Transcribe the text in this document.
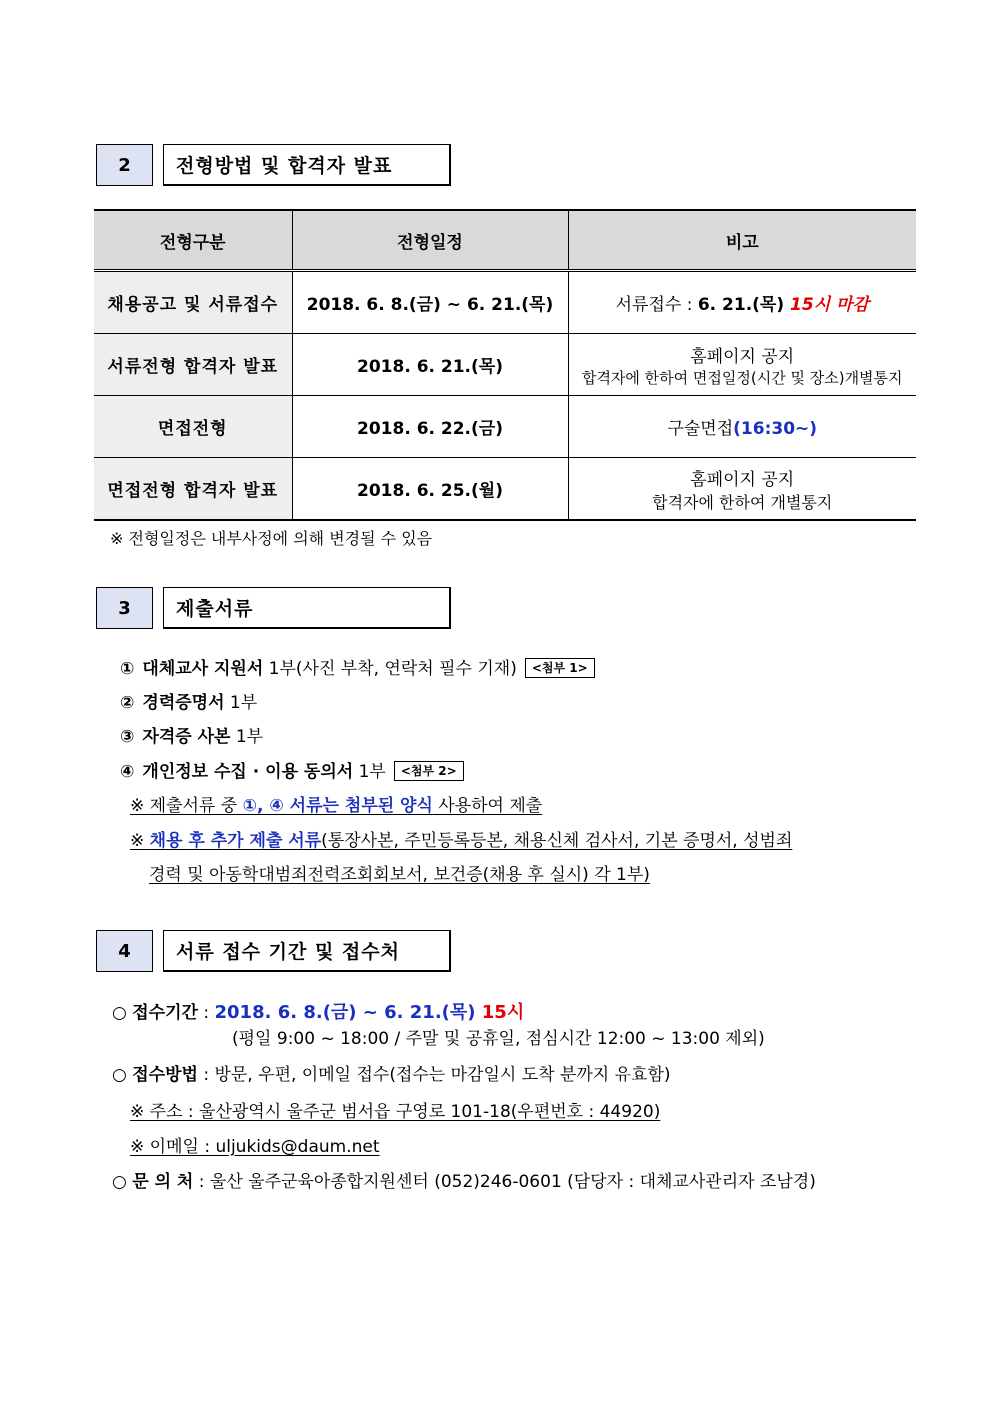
2	전형방법 및 합격자 발표
전형구분	전형일정	비고
채용공고 및 서류접수	2018. 6. 8.(금) ~ 6. 21.(목)	서류접수 : 6. 21.(목) 15시 마감
서류전형 합격자 발표	2018. 6. 21.(목)	홈페이지 공지
합격자에 한하여 면접일정(시간 및 장소)개별통지

면접전형	2018. 6. 22.(금)	구술면접(16:30~)
면접전형 합격자 발표	2018. 6. 25.(월)	홈페이지 공지
합격자에 한하여 개별통지
※ 전형일정은 내부사정에 의해 변경될 수 있음
3	제출서류
① 대체교사 지원서 1부(사진 부착, 연락처 필수 기재) <첨부 1>
② 경력증명서 1부
③ 자격증 사본 1부
④ 개인정보 수집 · 이용 동의서 1부 <첨부 2>
※ 제출서류 중 ①, ④ 서류는 첨부된 양식 사용하여 제출
※ 채용 후 추가 제출 서류(통장사본, 주민등록등본, 채용신체 검사서, 기본 증명서, 성범죄
경력 및 아동학대범죄전력조회회보서, 보건증(채용 후 실시) 각 1부)
4	서류 접수 기간 및 접수처
○ 접수기간 : 2018. 6. 8.(금) ~ 6. 21.(목) 15시
(평일 9:00 ~ 18:00 / 주말 및 공휴일, 점심시간 12:00 ~ 13:00 제외)
○ 접수방법 : 방문, 우편, 이메일 접수(접수는 마감일시 도착 분까지 유효함)
※ 주소 : 울산광역시 울주군 범서읍 구영로 101-18(우편번호 : 44920)
※ 이메일 : uljukids@daum.net
○ 문 의 처 : 울산 울주군육아종합지원센터 (052)246-0601 (담당자 : 대체교사관리자 조남경)
